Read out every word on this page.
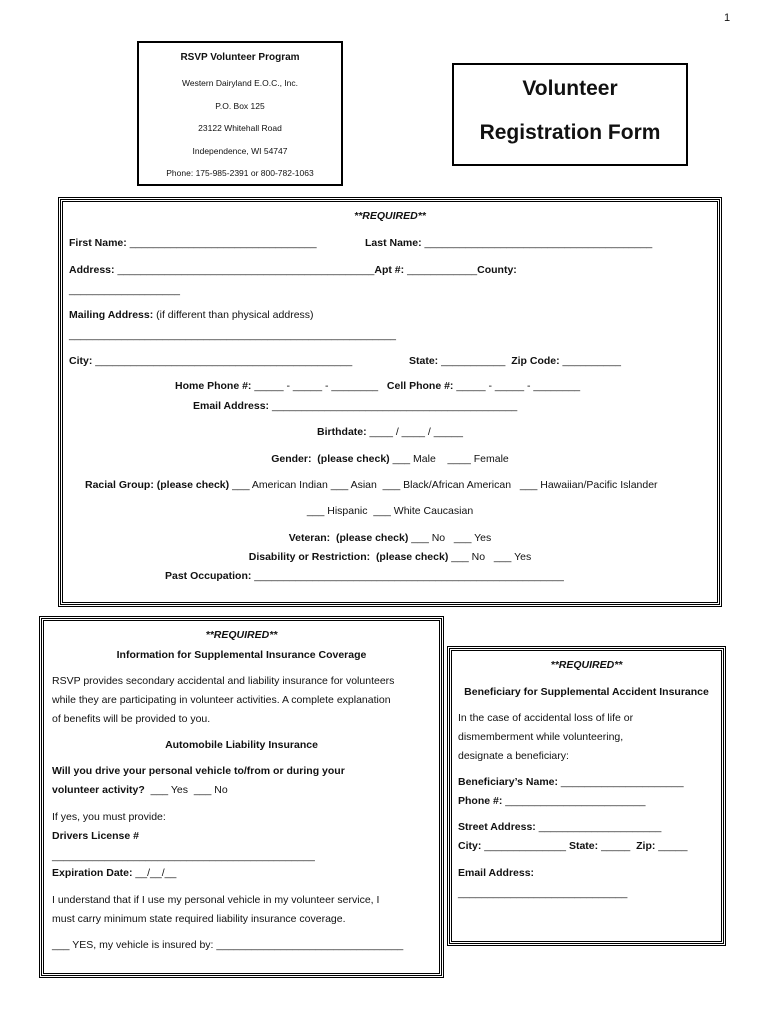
1
RSVP Volunteer Program
Western Dairyland E.O.C., Inc.
P.O. Box 125
23122 Whitehall Road
Independence, WI 54747
Phone: 175-985-2391 or 800-782-1063
Volunteer
Registration Form
**REQUIRED**
First Name: ________________________________	Last Name: _______________________________________
Address: ____________________________________________Apt #: ____________County:
___________________
Mailing Address: (if different than physical address)
________________________________________________________
City: ____________________________________________	State: ___________ Zip Code: __________
Home Phone #: _____ - _____ - ________ Cell Phone #: _____ - _____ - ________
Email Address: __________________________________________
Birthdate: ____ / ____ / _____
Gender:  (please check) ___ Male    ____ Female
Racial Group: (please check) ___ American Indian ___ Asian  ___ Black/African American   ___ Hawaiian/Pacific Islander
___ Hispanic  ___ White Caucasian
Veteran:  (please check) ___ No   ___ Yes
Disability or Restriction:  (please check) ___ No   ___ Yes
Past Occupation: _____________________________________________________
**REQUIRED**
Information for Supplemental Insurance Coverage
RSVP provides secondary accidental and liability insurance for volunteers
while they are participating in volunteer activities. A complete explanation
of benefits will be provided to you.
Automobile Liability Insurance
Will you drive your personal vehicle to/from or during your
volunteer activity?  ___ Yes  ___ No
If yes, you must provide:
Drivers License #
_____________________________________________
Expiration Date: __/__/__
I understand that if I use my personal vehicle in my volunteer service, I
must carry minimum state required liability insurance coverage.
___ YES, my vehicle is insured by: ________________________________
**REQUIRED**
Beneficiary for Supplemental Accident Insurance
In the case of accidental loss of life or
dismemberment while volunteering,
designate a beneficiary:
Beneficiary’s Name: _____________________
Phone #: ________________________
Street Address: _____________________
City: ______________ State: _____ Zip: _____
Email Address:
_____________________________
